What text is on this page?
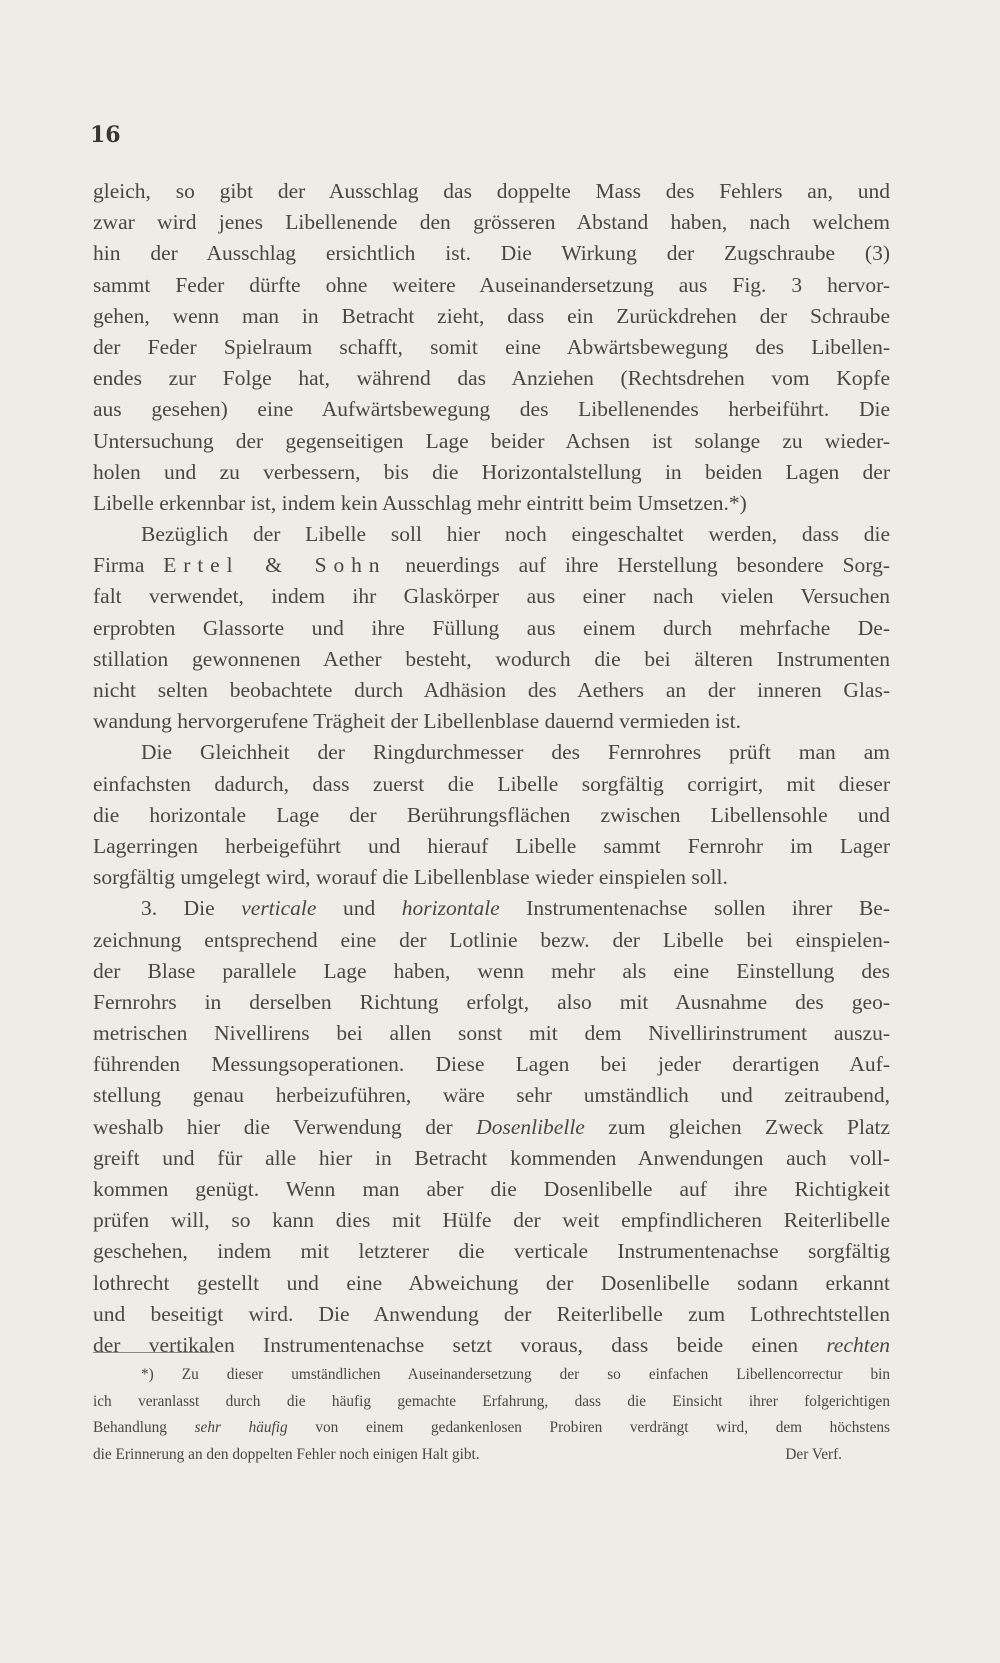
16
gleich, so gibt der Ausschlag das doppelte Mass des Fehlers an, und
zwar wird jenes Libellenende den grösseren Abstand haben, nach welchem
hin der Ausschlag ersichtlich ist. Die Wirkung der Zugschraube (3)
sammt Feder dürfte ohne weitere Auseinandersetzung aus Fig. 3 hervor-
gehen, wenn man in Betracht zieht, dass ein Zurückdrehen der Schraube
der Feder Spielraum schafft, somit eine Abwärtsbewegung des Libellen-
endes zur Folge hat, während das Anziehen (Rechtsdrehen vom Kopfe
aus gesehen) eine Aufwärtsbewegung des Libellenendes herbeiführt. Die
Untersuchung der gegenseitigen Lage beider Achsen ist solange zu wieder-
holen und zu verbessern, bis die Horizontalstellung in beiden Lagen der
Libelle erkennbar ist, indem kein Ausschlag mehr eintritt beim Umsetzen.*)
Bezüglich der Libelle soll hier noch eingeschaltet werden, dass die
Firma Ertel & Sohn neuerdings auf ihre Herstellung besondere Sorg-
falt verwendet, indem ihr Glaskörper aus einer nach vielen Versuchen
erprobten Glassorte und ihre Füllung aus einem durch mehrfache De-
stillation gewonnenen Aether besteht, wodurch die bei älteren Instrumenten
nicht selten beobachtete durch Adhäsion des Aethers an der inneren Glas-
wandung hervorgerufene Trägheit der Libellenblase dauernd vermieden ist.
Die Gleichheit der Ringdurchmesser des Fernrohres prüft man am
einfachsten dadurch, dass zuerst die Libelle sorgfältig corrigirt, mit dieser
die horizontale Lage der Berührungsflächen zwischen Libellensohle und
Lagerringen herbeigeführt und hierauf Libelle sammt Fernrohr im Lager
sorgfältig umgelegt wird, worauf die Libellenblase wieder einspielen soll.
3. Die verticale und horizontale Instrumentenachse sollen ihrer Be-
zeichnung entsprechend eine der Lotlinie bezw. der Libelle bei einspielen-
der Blase parallele Lage haben, wenn mehr als eine Einstellung des
Fernrohrs in derselben Richtung erfolgt, also mit Ausnahme des geo-
metrischen Nivellirens bei allen sonst mit dem Nivellirinstrument auszu-
führenden Messungsoperationen. Diese Lagen bei jeder derartigen Auf-
stellung genau herbeizuführen, wäre sehr umständlich und zeitraubend,
weshalb hier die Verwendung der Dosenlibelle zum gleichen Zweck Platz
greift und für alle hier in Betracht kommenden Anwendungen auch voll-
kommen genügt. Wenn man aber die Dosenlibelle auf ihre Richtigkeit
prüfen will, so kann dies mit Hülfe der weit empfindlicheren Reiterlibelle
geschehen, indem mit letzterer die verticale Instrumentenachse sorgfältig
lothrecht gestellt und eine Abweichung der Dosenlibelle sodann erkannt
und beseitigt wird. Die Anwendung der Reiterlibelle zum Lothrechtstellen
der vertikalen Instrumentenachse setzt voraus, dass beide einen rechten
*) Zu dieser umständlichen Auseinandersetzung der so einfachen Libellencorrectur bin
ich veranlasst durch die häufig gemachte Erfahrung, dass die Einsicht ihrer folgerichtigen
Behandlung sehr häufig von einem gedankenlosen Probiren verdrängt wird, dem höchstens
die Erinnerung an den doppelten Fehler noch einigen Halt gibt.	Der Verf.
